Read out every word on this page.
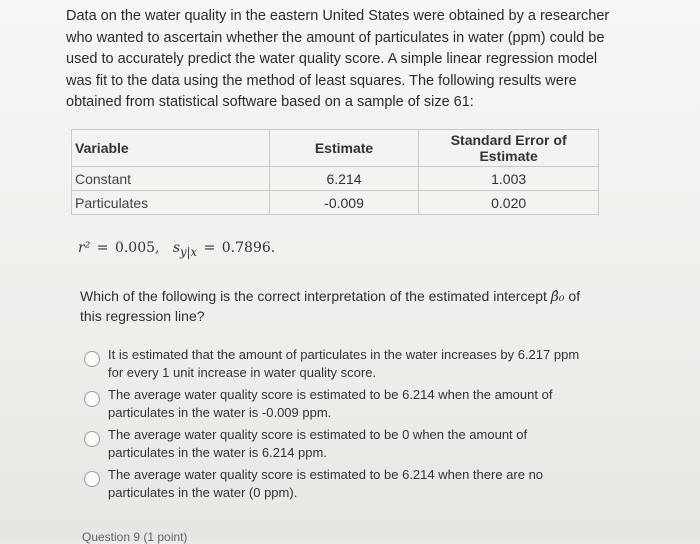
Data on the water quality in the eastern United States were obtained by a researcher who wanted to ascertain whether the amount of particulates in water (ppm) could be used to accurately predict the water quality score. A simple linear regression model was fit to the data using the method of least squares. The following results were obtained from statistical software based on a sample of size 61:

Variable	Estimate	Standard Error of Estimate
Constant	6.214	1.003
Particulates	-0.009	0.020
r² = 0.005, $s_{y|x} = 0.7896$.

Which of the following is the correct interpretation of the estimated intercept β̂₀ of this regression line?

It is estimated that the amount of particulates in the water increases by 6.217 ppm for every 1 unit increase in water quality score.
The average water quality score is estimated to be 6.214 when the amount of particulates in the water is -0.009 ppm.
The average water quality score is estimated to be 0 when the amount of particulates in the water is 6.214 ppm.
The average water quality score is estimated to be 6.214 when there are no particulates in the water (0 ppm).
Question 9 (1 point)
